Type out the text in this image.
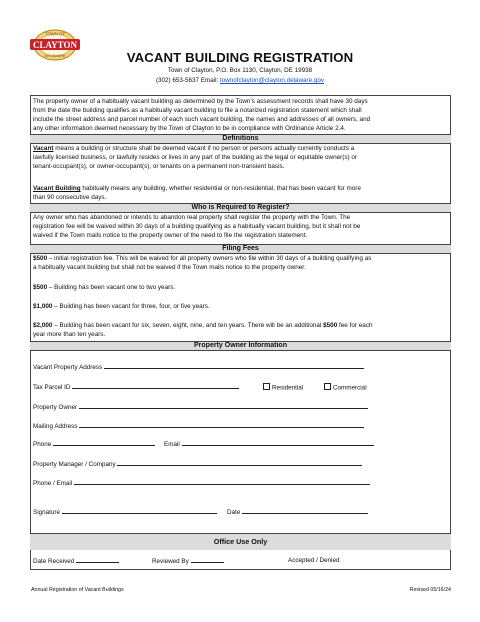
TOWN OF
CLAYTON
DELAWARE	VACANT BUILDING REGISTRATION
Town of Clayton, P.O. Box 1130, Clayton, DE 19938
(302) 653-5637 Email: townofclayton@clayton.delaware.gov

The property owner of a habitually vacant building as determined by the Town's assessment records shall have 30 days
from the date the building qualifies as a habitually vacant building to file a notarized registration statement which shall
include the street address and parcel number of each such vacant building, the names and addresses of all owners, and
any other information deemed necessary by the Town of Clayton to be in compliance with Ordinance Article 2.4.

Definitions

Vacant means a building or structure shall be deemed vacant if no person or persons actually currently conducts a
lawfully licensed business, or lawfully resides or lives in any part of the building as the legal or equitable owner(s) or
tenant-occupant(s), or owner-occupant(s), or tenants on a permanent non-transient basis.

Vacant Building habitually means any building, whether residential or non-residential, that has been vacant for more
than 90 consecutive days.

Who is Required to Register?

Any owner who has abandoned or intends to abandon real property shall register the property with the Town. The
registration fee will be waived within 30 days of a building qualifying as a habitually vacant building, but it shall not be
waived if the Town mails notice to the property owner of the need to file the registration statement.

Filing Fees

$500 – initial registration fee. This will be waived for all property owners who file within 30 days of a building qualifying as
a habitually vacant building but shall not be waived if the Town mails notice to the property owner.

$500 – Building has been vacant one to two years.

$1,000 – Building has been vacant for three, four, or five years.

$2,000 – Building has been vacant for six, seven, eight, nine, and ten years. There will be an additional $500 fee for each
year more than ten years.

Property Owner Information
Vacant Property Address
Tax Parcel ID	Residential	Commercial
Property Owner
Mailing Address
Phone	Email
Property Manager / Company
Phone / Email
Signature	Date
Office Use Only
Date Received	Reviewed By	Accepted / Denied
Annual Registration of Vacant Buildings	Revised 05/16/24
